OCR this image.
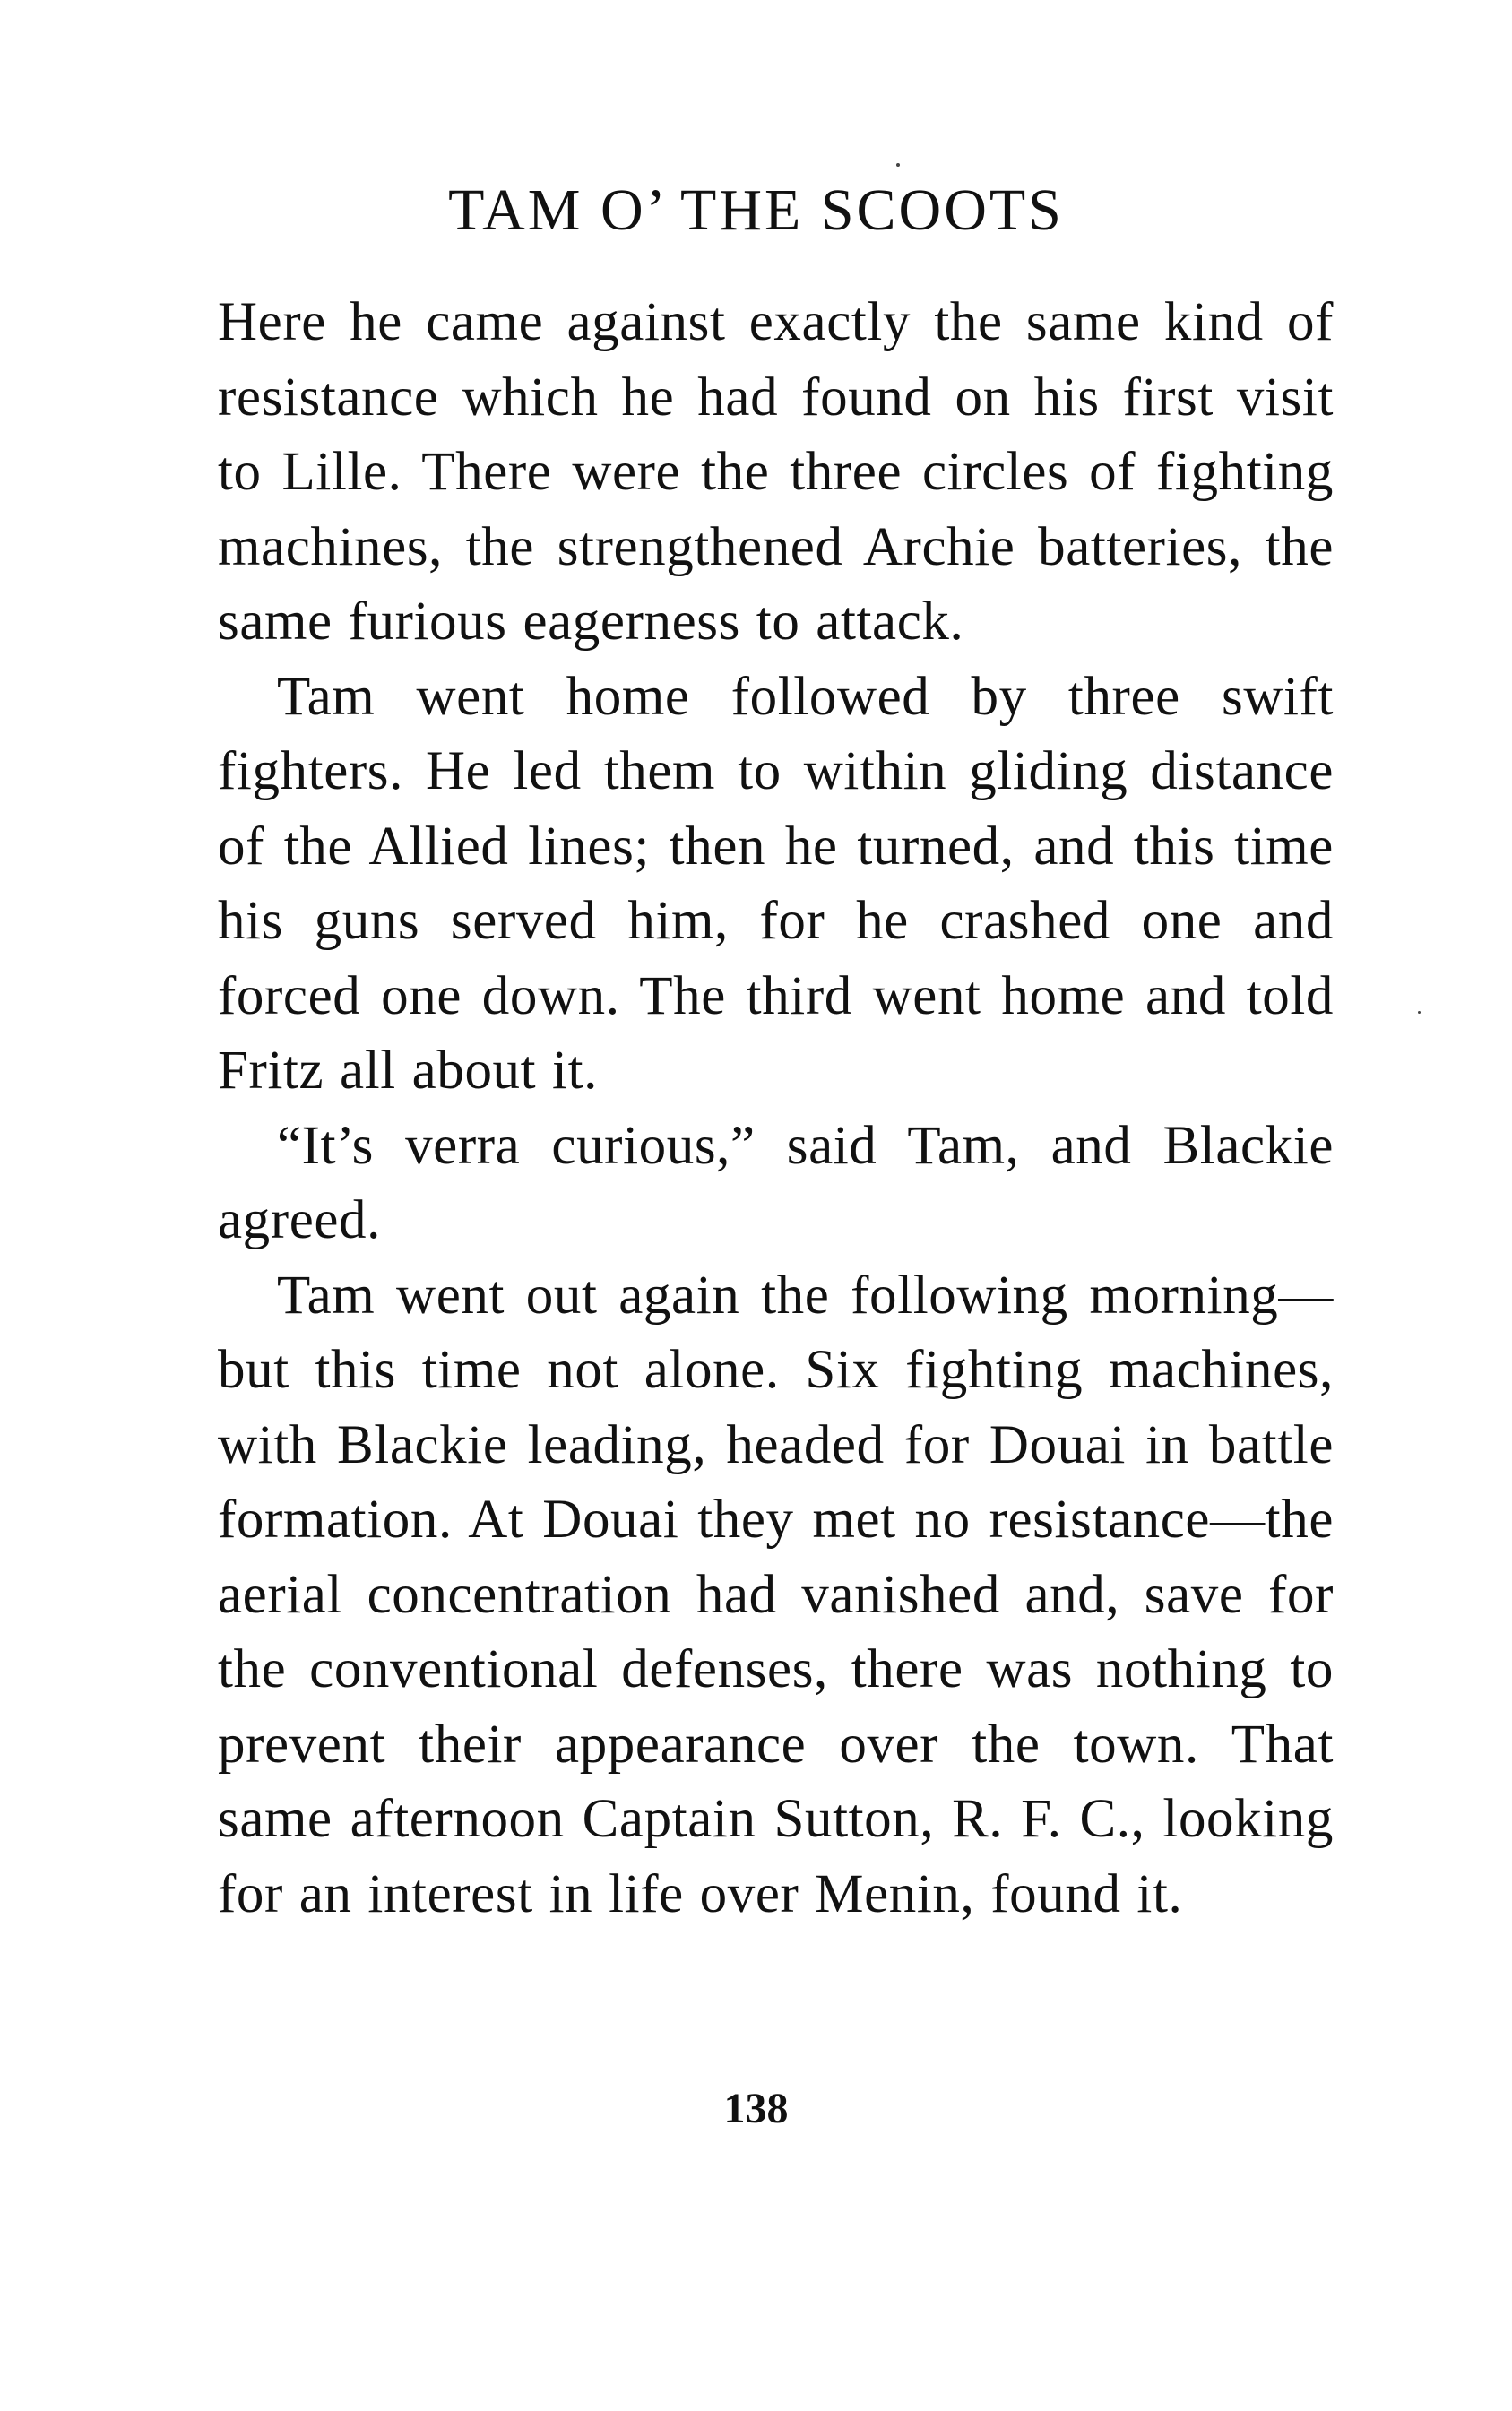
TAM O’ THE SCOOTS

Here he came against exactly the same kind of resistance which he had found on his first visit to Lille. There were the three circles of fighting machines, the strengthened Archie batteries, the same furious eagerness to attack.

Tam went home followed by three swift fighters. He led them to within gliding distance of the Allied lines; then he turned, and this time his guns served him, for he crashed one and forced one down. The third went home and told Fritz all about it.

“It’s verra curious,” said Tam, and Blackie agreed.

Tam went out again the following morning—but this time not alone. Six fighting machines, with Blackie leading, headed for Douai in battle formation. At Douai they met no resistance—the aerial concentration had vanished and, save for the conventional defenses, there was nothing to prevent their appearance over the town. That same afternoon Captain Sutton, R. F. C., looking for an interest in life over Menin, found it.

138
